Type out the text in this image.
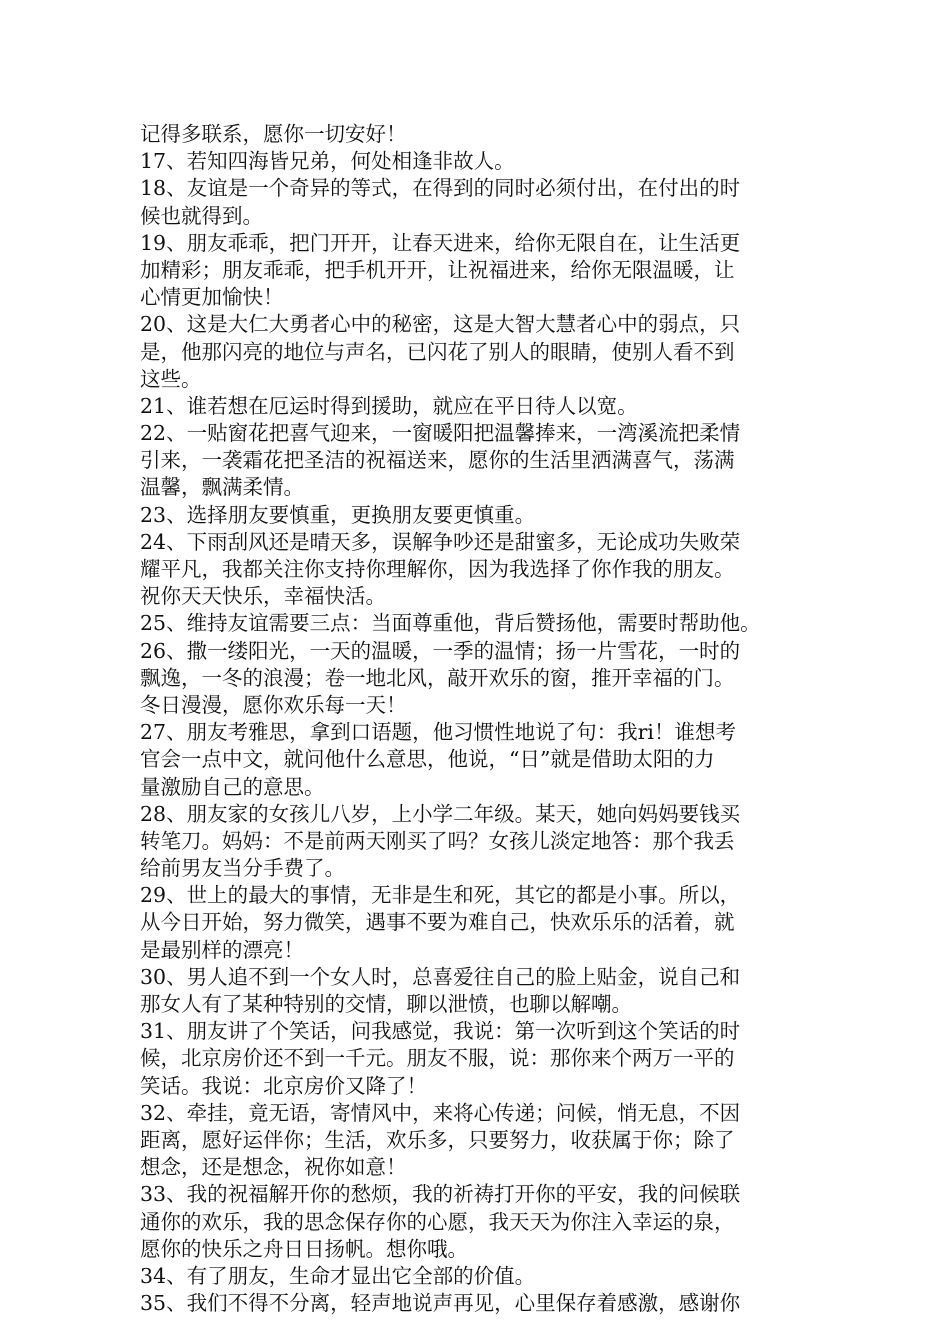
记得多联系，愿你一切安好！

17、若知四海皆兄弟，何处相逢非故人。

18、友谊是一个奇异的等式，在得到的同时必须付出，在付出的时

候也就得到。

19、朋友乖乖，把门开开，让春天进来，给你无限自在，让生活更

加精彩；朋友乖乖，把手机开开，让祝福进来，给你无限温暖，让

心情更加愉快！

20、这是大仁大勇者心中的秘密，这是大智大慧者心中的弱点，只

是，他那闪亮的地位与声名，已闪花了别人的眼睛，使别人看不到

这些。

21、谁若想在厄运时得到援助，就应在平日待人以宽。

22、一贴窗花把喜气迎来，一窗暖阳把温馨捧来，一湾溪流把柔情

引来，一袭霜花把圣洁的祝福送来，愿你的生活里洒满喜气，荡满

温馨，飘满柔情。

23、选择朋友要慎重，更换朋友要更慎重。

24、下雨刮风还是晴天多，误解争吵还是甜蜜多，无论成功失败荣

耀平凡，我都关注你支持你理解你，因为我选择了你作我的朋友。

祝你天天快乐，幸福快活。

25、维持友谊需要三点：当面尊重他，背后赞扬他，需要时帮助他。

26、撒一缕阳光，一天的温暖，一季的温情；扬一片雪花，一时的

飘逸，一冬的浪漫；卷一地北风，敲开欢乐的窗，推开幸福的门。

冬日漫漫，愿你欢乐每一天！

27、朋友考雅思，拿到口语题，他习惯性地说了句：我ri！谁想考

官会一点中文，就问他什么意思，他说，“日”就是借助太阳的力

量激励自己的意思。

28、朋友家的女孩儿八岁，上小学二年级。某天，她向妈妈要钱买

转笔刀。妈妈：不是前两天刚买了吗？女孩儿淡定地答：那个我丢

给前男友当分手费了。

29、世上的最大的事情，无非是生和死，其它的都是小事。所以，

从今日开始，努力微笑，遇事不要为难自己，快欢乐乐的活着，就

是最别样的漂亮！

30、男人追不到一个女人时，总喜爱往自己的脸上贴金，说自己和

那女人有了某种特别的交情，聊以泄愤，也聊以解嘲。

31、朋友讲了个笑话，问我感觉，我说：第一次听到这个笑话的时

候，北京房价还不到一千元。朋友不服，说：那你来个两万一平的

笑话。我说：北京房价又降了！

32、牵挂，竟无语，寄情风中，来将心传递；问候，悄无息，不因

距离，愿好运伴你；生活，欢乐多，只要努力，收获属于你；除了

想念，还是想念，祝你如意！

33、我的祝福解开你的愁烦，我的祈祷打开你的平安，我的问候联

通你的欢乐，我的思念保存你的心愿，我天天为你注入幸运的泉，

愿你的快乐之舟日日扬帆。想你哦。

34、有了朋友，生命才显出它全部的价值。

35、我们不得不分离，轻声地说声再见，心里保存着感激，感谢你
